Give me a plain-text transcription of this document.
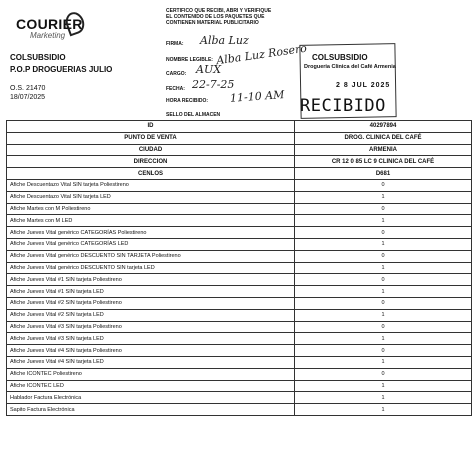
COURIER
Marketing
COLSUBSIDIO
P.O.P DROGUERIAS JULIO
O.S. 21470
18/07/2025
CERTIFICO QUE RECIBI, ABRI Y VERIFIQUE EL CONTENIDO DE LOS PAQUETES QUE CONTIENEN MATERIAL PUBLICITARIO
FIRMA: Alba Luz
NOMBRE LEGIBLE: Alba Luz Rosero
CARGO: AUX
FECHA: 22-7-25
HORA RECIBIDO: 11-10 AM
SELLO DEL ALMACEN
COLSUBSIDIO
Drogueria Clinica del Café Armenia
2 8 JUL 2025
RECIBIDO
ID	40297894
PUNTO DE VENTA	DROG. CLINICA DEL CAFÉ
CIUDAD	ARMENIA
DIRECCION	CR 12 0 85 LC 9 CLINICA DEL CAFÉ
CENLOS	D681
Afiche Descuentazo Vital SIN tarjeta Poliestireno	0
Afiche Descuentazo Vital SIN tarjeta LED	1
Afiche Martes con M Poliestireno	0
Afiche Martes con M LED	1
Afiche Jueves Vital genérico CATEGORÍAS Poliestireno	0
Afiche Jueves Vital genérico CATEGORÍAS LED	1
Afiche Jueves Vital genérico DESCUENTO SIN TARJETA Poliestireno	0
Afiche Jueves Vital genérico DESCUENTO SIN tarjeta LED	1
Afiche Jueves Vital #1 SIN tarjeta Poliestireno	0
Afiche Jueves Vital #1 SIN tarjeta LED	1
Afiche Jueves Vital #2 SIN tarjeta Poliestireno	0
Afiche Jueves Vital #2 SIN tarjeta LED	1
Afiche Jueves Vital #3 SIN tarjeta Poliestireno	0
Afiche Jueves Vital #3 SIN tarjeta LED	1
Afiche Jueves Vital #4 SIN tarjeta Poliestireno	0
Afiche Jueves Vital #4 SIN tarjeta LED	1
Afiche ICONTEC Poliestireno	0
Afiche ICONTEC LED	1
Hablador Factura Electrónica	1
Sapito Factura Electrónica	1
